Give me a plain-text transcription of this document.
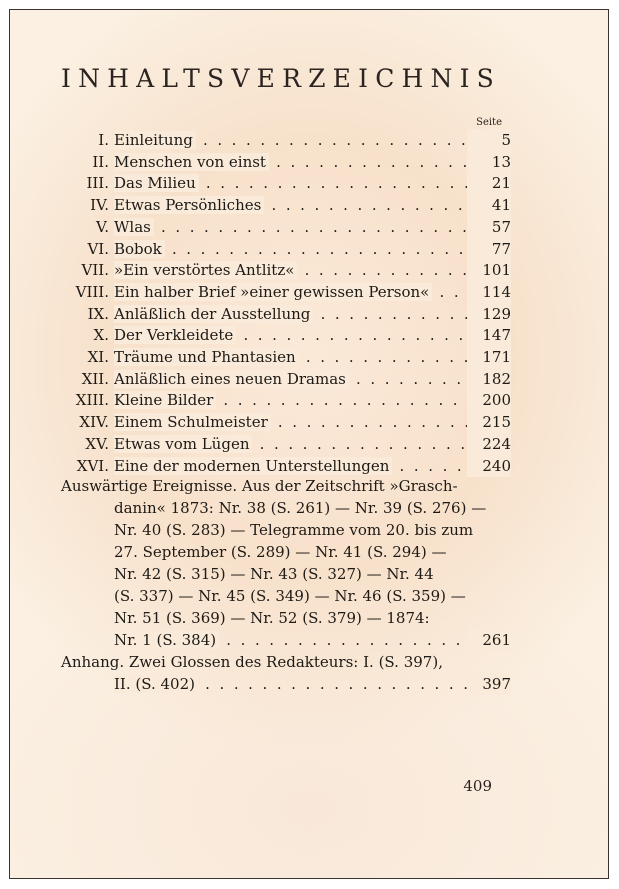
INHALTSVERZEICHNIS
Seite
I. Einleitung . . .	5
II. Menschen von einst . . .	13
III. Das Milieu . . .	21
IV. Etwas Persönliches . . .	41
V. Wlas . . .	57
VI. Bobok . . .	77
VII. »Ein verstörtes Antlitz« . . .	101
VIII. Ein halber Brief »einer gewissen Person« . . .	114
IX. Anläßlich der Ausstellung . . .	129
X. Der Verkleidete . . .	147
XI. Träume und Phantasien . . .	171
XII. Anläßlich eines neuen Dramas . . .	182
XIII. Kleine Bilder . . .	200
XIV. Einem Schulmeister . . .	215
XV. Etwas vom Lügen . . .	224
XVI. Eine der modernen Unterstellungen . . .	240
Auswärtige Ereignisse. Aus der Zeitschrift »Grasch-
danin« 1873: Nr. 38 (S. 261) — Nr. 39 (S. 276) —
Nr. 40 (S. 283) — Telegramme vom 20. bis zum
27. September (S. 289) — Nr. 41 (S. 294) —
Nr. 42 (S. 315) — Nr. 43 (S. 327) — Nr. 44
(S. 337) — Nr. 45 (S. 349) — Nr. 46 (S. 359) —
Nr. 51 (S. 369) — Nr. 52 (S. 379) — 1874:
Nr. 1 (S. 384) . . .	261
Anhang. Zwei Glossen des Redakteurs: I. (S. 397),
II. (S. 402) . . .	397
409
